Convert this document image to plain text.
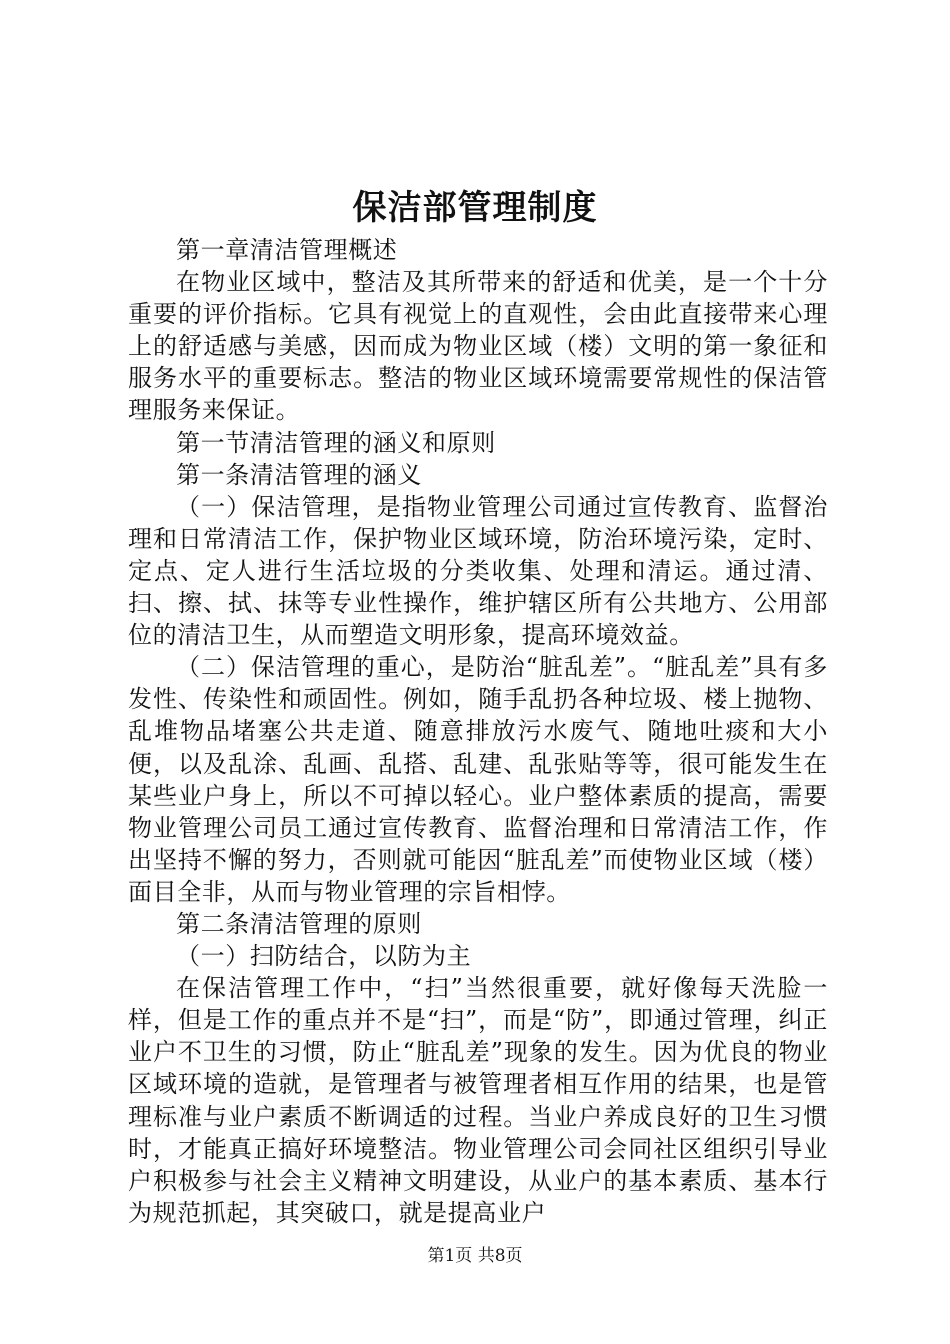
保洁部管理制度

第一章清洁管理概述

在物业区域中，整洁及其所带来的舒适和优美，是一个十分重要的评价指标。它具有视觉上的直观性，会由此直接带来心理上的舒适感与美感，因而成为物业区域（楼）文明的第一象征和服务水平的重要标志。整洁的物业区域环境需要常规性的保洁管理服务来保证。

第一节清洁管理的涵义和原则

第一条清洁管理的涵义

（一）保洁管理，是指物业管理公司通过宣传教育、监督治理和日常清洁工作，保护物业区域环境，防治环境污染，定时、定点、定人进行生活垃圾的分类收集、处理和清运。通过清、扫、擦、拭、抹等专业性操作，维护辖区所有公共地方、公用部位的清洁卫生，从而塑造文明形象，提高环境效益。

（二）保洁管理的重心，是防治“脏乱差”。“脏乱差”具有多发性、传染性和顽固性。例如，随手乱扔各种垃圾、楼上抛物、乱堆物品堵塞公共走道、随意排放污水废气、随地吐痰和大小便，以及乱涂、乱画、乱搭、乱建、乱张贴等等，很可能发生在某些业户身上，所以不可掉以轻心。业户整体素质的提高，需要物业管理公司员工通过宣传教育、监督治理和日常清洁工作，作出坚持不懈的努力，否则就可能因“脏乱差”而使物业区域（楼）面目全非，从而与物业管理的宗旨相悖。

第二条清洁管理的原则

（一）扫防结合，以防为主

在保洁管理工作中，“扫”当然很重要，就好像每天洗脸一样，但是工作的重点并不是“扫”，而是“防”，即通过管理，纠正业户不卫生的习惯，防止“脏乱差”现象的发生。因为优良的物业区域环境的造就，是管理者与被管理者相互作用的结果，也是管理标准与业户素质不断调适的过程。当业户养成良好的卫生习惯时，才能真正搞好环境整洁。物业管理公司会同社区组织引导业户积极参与社会主义精神文明建设，从业户的基本素质、基本行为规范抓起，其突破口，就是提高业户

第1页 共8页
